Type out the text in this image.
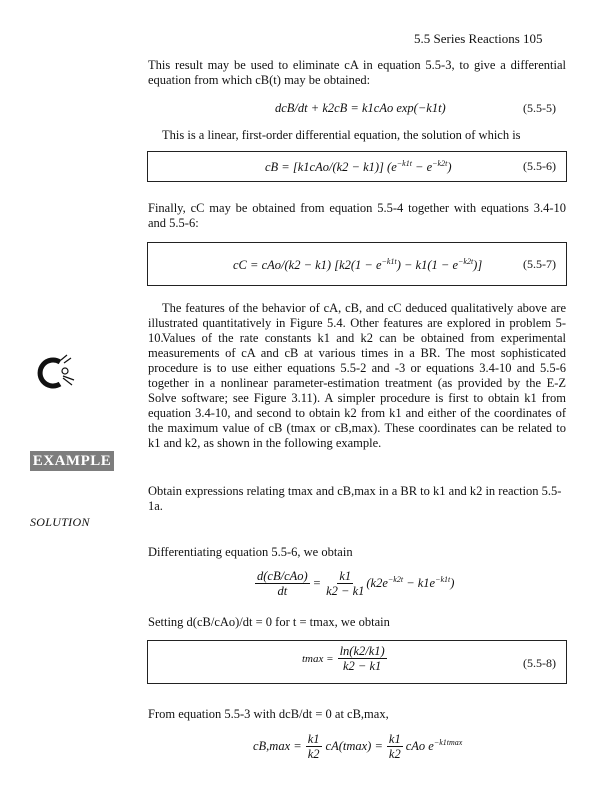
5.5 Series Reactions 105
This result may be used to eliminate cA in equation 5.5-3, to give a differential equation from which cB(t) may be obtained:
dcB/dt + k2cB = k1cAo exp(−k1t)	(5.5-5)
This is a linear, first-order differential equation, the solution of which is
cB = [k1cAo/(k2 − k1)] $(e^{-k1t} - e^{-k2t})$	(5.5-6)
Finally, cC may be obtained from equation 5.5-4 together with equations 3.4-10 and 5.5-6:
cC = cAo/(k2 − k1) $[k2(1 - e^{-k1t}) - k1(1 - e^{-k2t})]$	(5.5-7)
The features of the behavior of cA, cB, and cC deduced qualitatively above are illustrated quantitatively in Figure 5.4. Other features are explored in problem 5-10.
Values of the rate constants k1 and k2 can be obtained from experimental measurements of cA and cB at various times in a BR. The most sophisticated procedure is to use either equations 5.5-2 and -3 or equations 3.4-10 and 5.5-6 together in a nonlinear parameter-estimation treatment (as provided by the E-Z Solve software; see Figure 3.11). A simpler procedure is first to obtain k1 from equation 3.4-10, and second to obtain k2 from k1 and either of the coordinates of the maximum value of cB (tmax or cB,max). These coordinates can be related to k1 and k2, as shown in the following example.
EXAMPLE 5-7
Obtain expressions relating tmax and cB,max in a BR to k1 and k2 in reaction 5.5-1a.
SOLUTION
Differentiating equation 5.5-6, we obtain
$\frac{\text{d(cB/cAo)}}{dt} = \frac{k1}{k2 - k1} (k2e^{-k2t} - k1e^{-k1t})$
Setting d(cB/cAo)/dt = 0 for t = tmax, we obtain
$tmax = \frac{\ln(k2/k1)}{k2 - k1}$	(5.5-8)
From equation 5.5-3 with dcB/dt = 0 at cB,max,
$cB,\max = \frac{k1}{k2} cA(tmax) = \frac{k1}{k2}$ cAo $e^{-k1tmax}$
